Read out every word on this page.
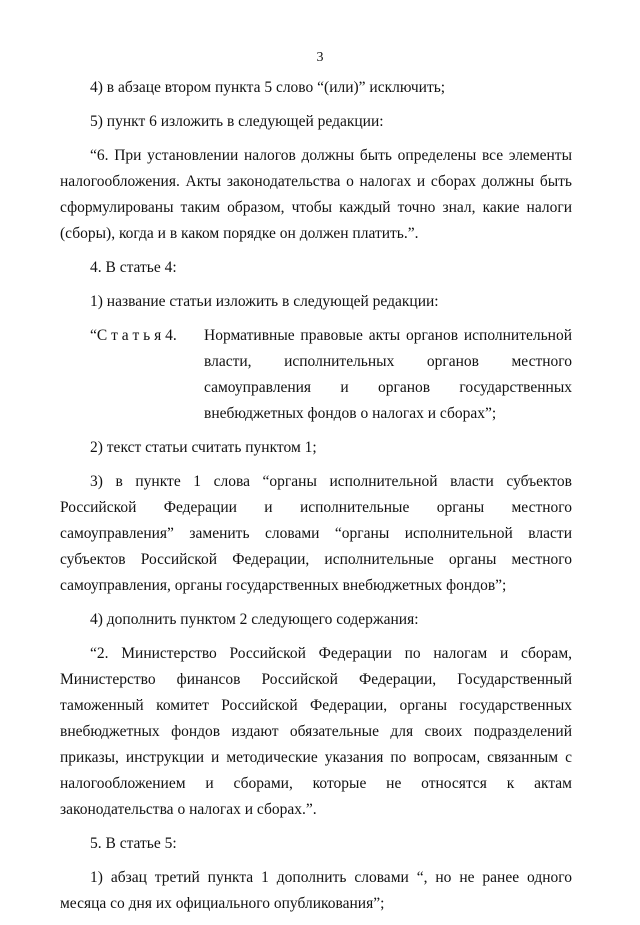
3

4) в абзаце втором пункта 5 слово “(или)” исключить;

5) пункт 6 изложить в следующей редакции:

“6. При установлении налогов должны быть определены все элементы налогообложения. Акты законодательства о налогах и сборах должны быть сформулированы таким образом, чтобы каждый точно знал, какие налоги (сборы), когда и в каком порядке он должен платить.”.

4. В статье 4:

1) название статьи изложить в следующей редакции:

“С т а т ь я 4.	Нормативные правовые акты органов исполнительной власти, исполнительных органов местного самоуправления и органов государственных внебюджетных фондов о налогах и сборах”;

2) текст статьи считать пунктом 1;

3) в пункте 1 слова “органы исполнительной власти субъектов Российской Федерации и исполнительные органы местного самоуправления” заменить словами “органы исполнительной власти субъектов Российской Федерации, исполнительные органы местного самоуправления, органы государственных внебюджетных фондов”;

4) дополнить пунктом 2 следующего содержания:

“2. Министерство Российской Федерации по налогам и сборам, Министерство финансов Российской Федерации, Государственный таможенный комитет Российской Федерации, органы государственных внебюджетных фондов издают обязательные для своих подразделений приказы, инструкции и методические указания по вопросам, связанным с налогообложением и сборами, которые не относятся к актам законодательства о налогах и сборах.”.

5. В статье 5:

1) абзац третий пункта 1 дополнить словами “, но не ранее одного месяца со дня их официального опубликования”;
